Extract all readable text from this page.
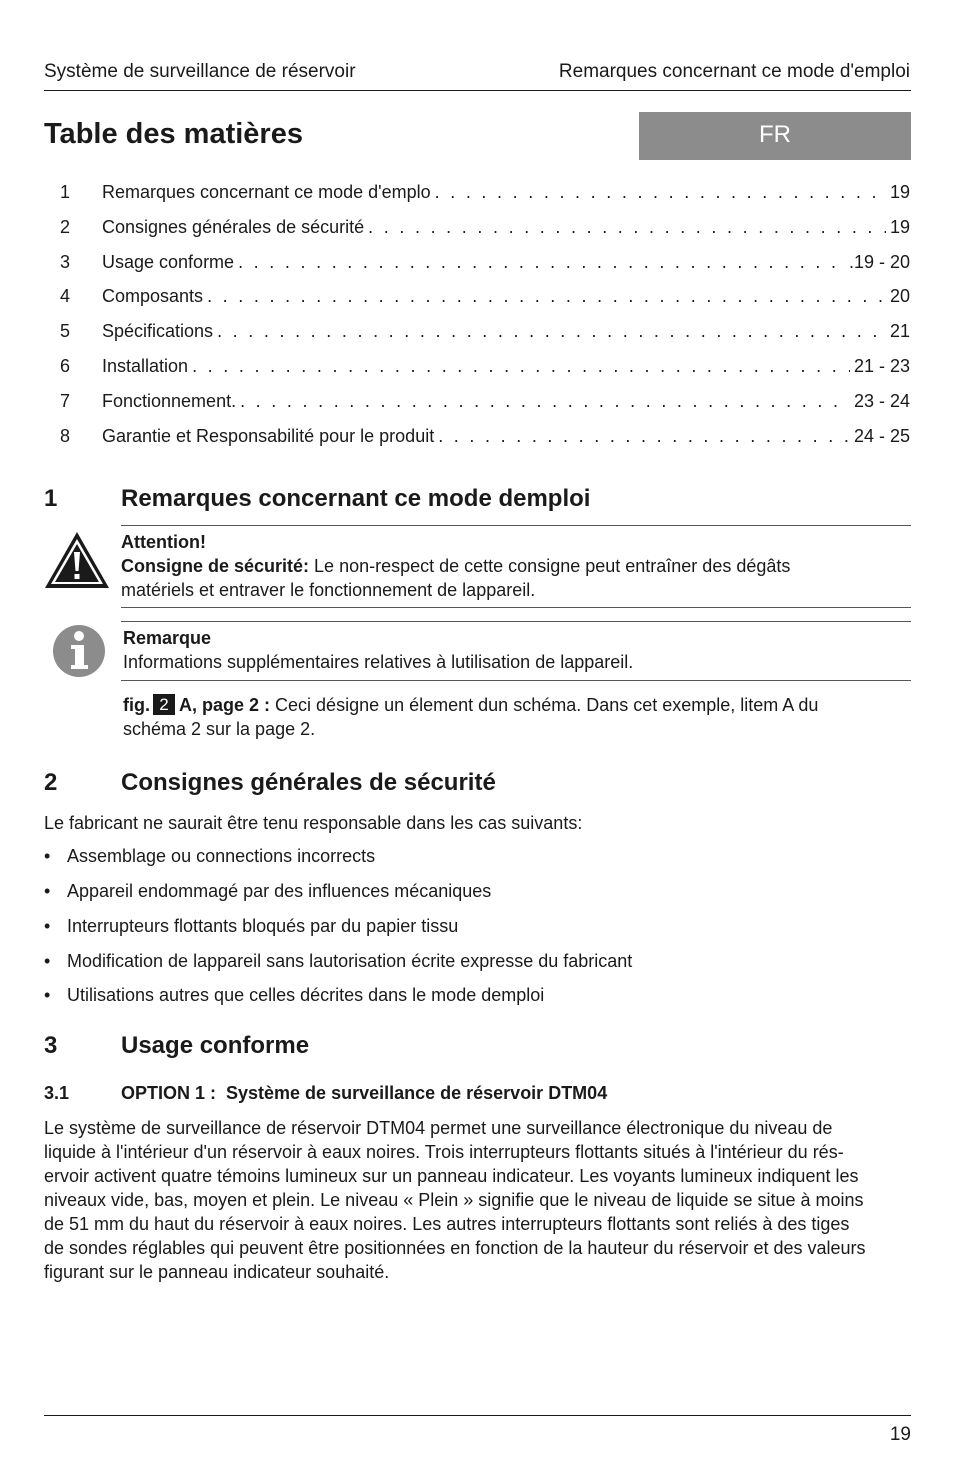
Système de surveillance de réservoir	Remarques concernant ce mode d'emploi
Table des matières	FR
1 Remarques concernant ce mode d'emplo . . .	19
2 Consignes générales de sécurité . . .	19
3 Usage conforme . . .	.19 - 20
4 Composants . . .	20
5 Spécifications . . .	21
6 Installation . . .	21 - 23
7 Fonctionnement. . . .	23 - 24
8 Garantie et Responsabilité pour le produit . . .	24 - 25
1	Remarques concernant ce mode demploi
Attention!
Consigne de sécurité: Le non-respect de cette consigne peut entraîner des dégâts
matériels et entraver le fonctionnement de lappareil.
Remarque
Informations supplémentaires relatives à lutilisation de lappareil.
fig. 2 A, page 2 : Ceci désigne un élement dun schéma. Dans cet exemple, litem A du
schéma 2 sur la page 2.
2	Consignes générales de sécurité
Le fabricant ne saurait être tenu responsable dans les cas suivants:
• Assemblage ou connections incorrects
• Appareil endommagé par des influences mécaniques
• Interrupteurs flottants bloqués par du papier tissu
• Modification de lappareil sans lautorisation écrite expresse du fabricant
• Utilisations autres que celles décrites dans le mode demploi
3	Usage conforme
3.1	OPTION 1 :  Système de surveillance de réservoir DTM04
Le système de surveillance de réservoir DTM04 permet une surveillance électronique du niveau de
liquide à l'intérieur d'un réservoir à eaux noires. Trois interrupteurs flottants situés à l'intérieur du rés-
ervoir activent quatre témoins lumineux sur un panneau indicateur. Les voyants lumineux indiquent les
niveaux vide, bas, moyen et plein. Le niveau « Plein » signifie que le niveau de liquide se situe à moins
de 51 mm du haut du réservoir à eaux noires. Les autres interrupteurs flottants sont reliés à des tiges
de sondes réglables qui peuvent être positionnées en fonction de la hauteur du réservoir et des valeurs
figurant sur le panneau indicateur souhaité.
19
